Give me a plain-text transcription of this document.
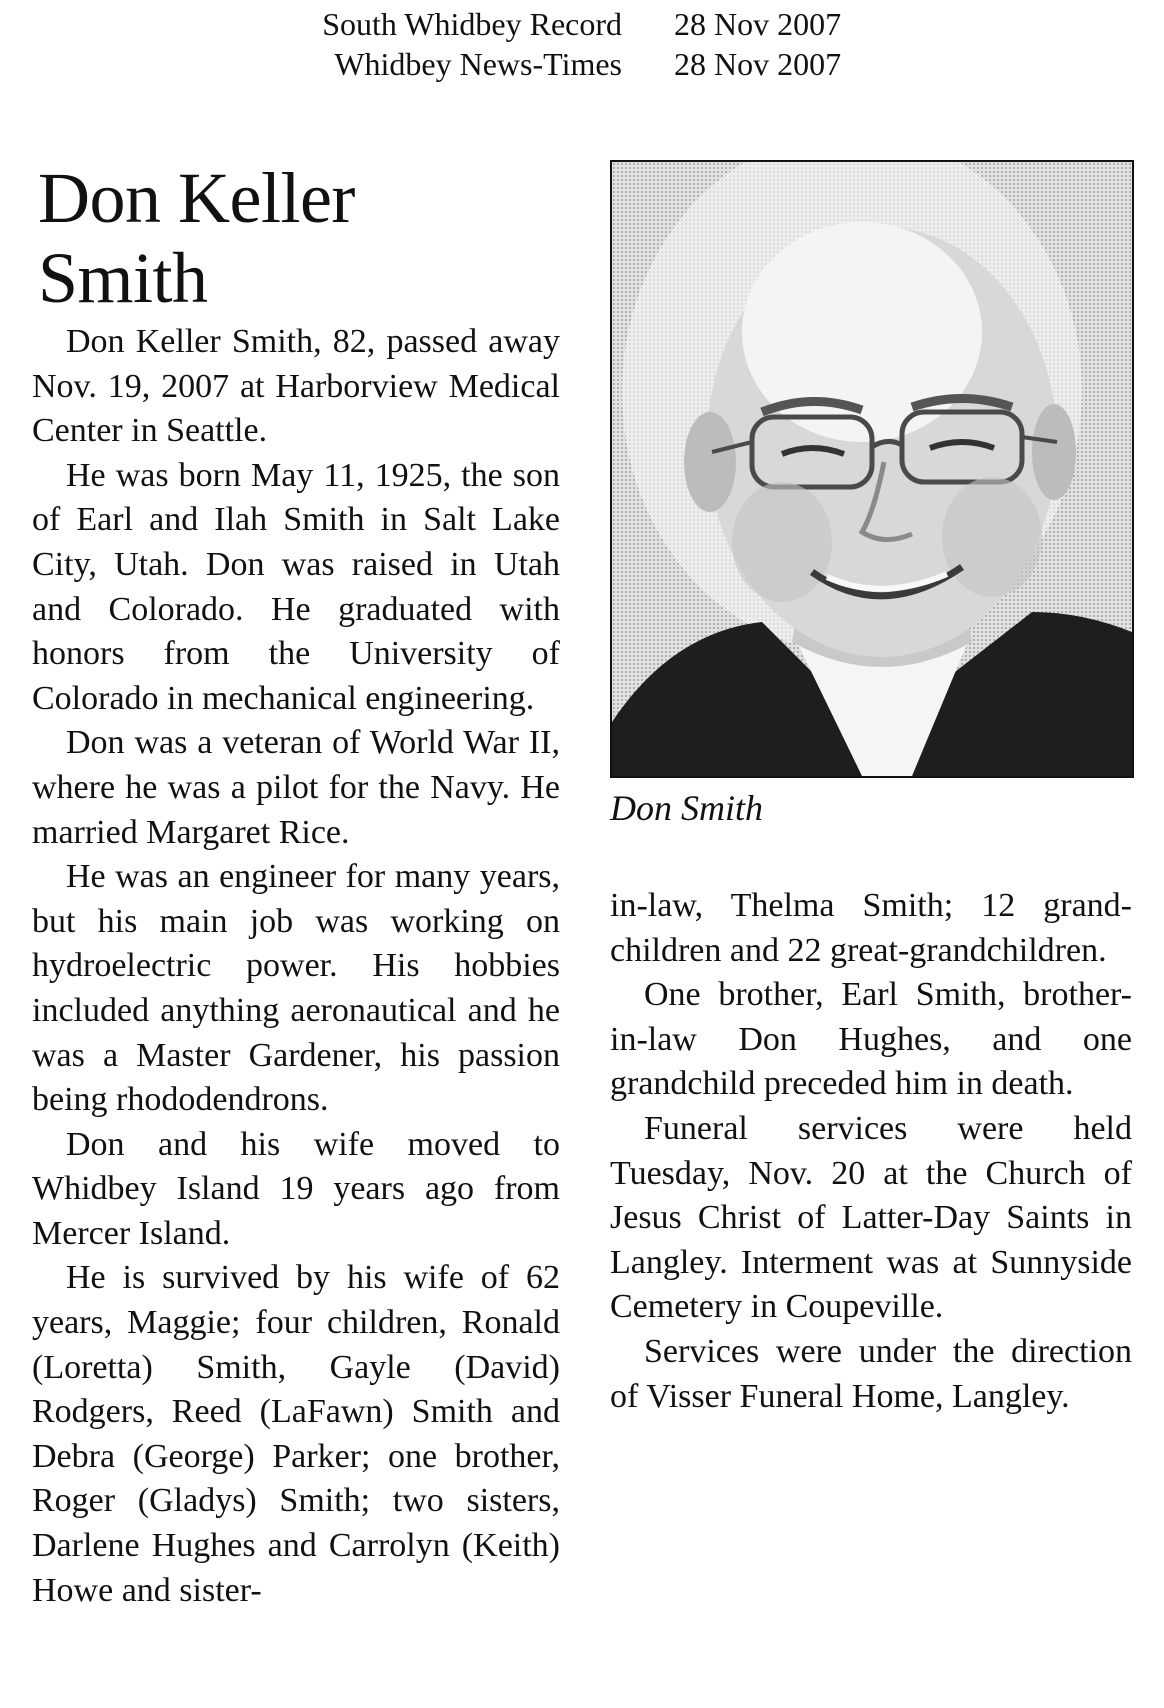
South Whidbey Record 28 Nov 2007
Whidbey News-Times 28 Nov 2007
Don Keller
Smith

Don Keller Smith, 82, passed away Nov. 19, 2007 at Harborview Medical Center in Seattle.

He was born May 11, 1925, the son of Earl and Ilah Smith in Salt Lake City, Utah. Don was raised in Utah and Colorado. He graduated with honors from the University of Colorado in mechanical engineering.

Don was a veteran of World War II, where he was a pilot for the Navy. He married Margaret Rice.

He was an engineer for many years, but his main job was working on hydroelectric power. His hobbies included anything aeronautical and he was a Master Gardener, his passion being rhododendrons.

Don and his wife moved to Whidbey Island 19 years ago from Mercer Island.

He is survived by his wife of 62 years, Maggie; four children, Ronald (Loretta) Smith, Gayle (David) Rodgers, Reed (LaFawn) Smith and Debra (George) Parker; one brother, Roger (Gladys) Smith; two sisters, Darlene Hughes and Carrolyn (Keith) Howe and sister-

Don Smith

in-law, Thelma Smith; 12 grandchildren and 22 great-grandchildren.

One brother, Earl Smith, brother-in-law Don Hughes, and one grandchild preceded him in death.

Funeral services were held Tuesday, Nov. 20 at the Church of Jesus Christ of Latter-Day Saints in Langley. Interment was at Sunnyside Cemetery in Coupeville.

Services were under the direction of Visser Funeral Home, Langley.
